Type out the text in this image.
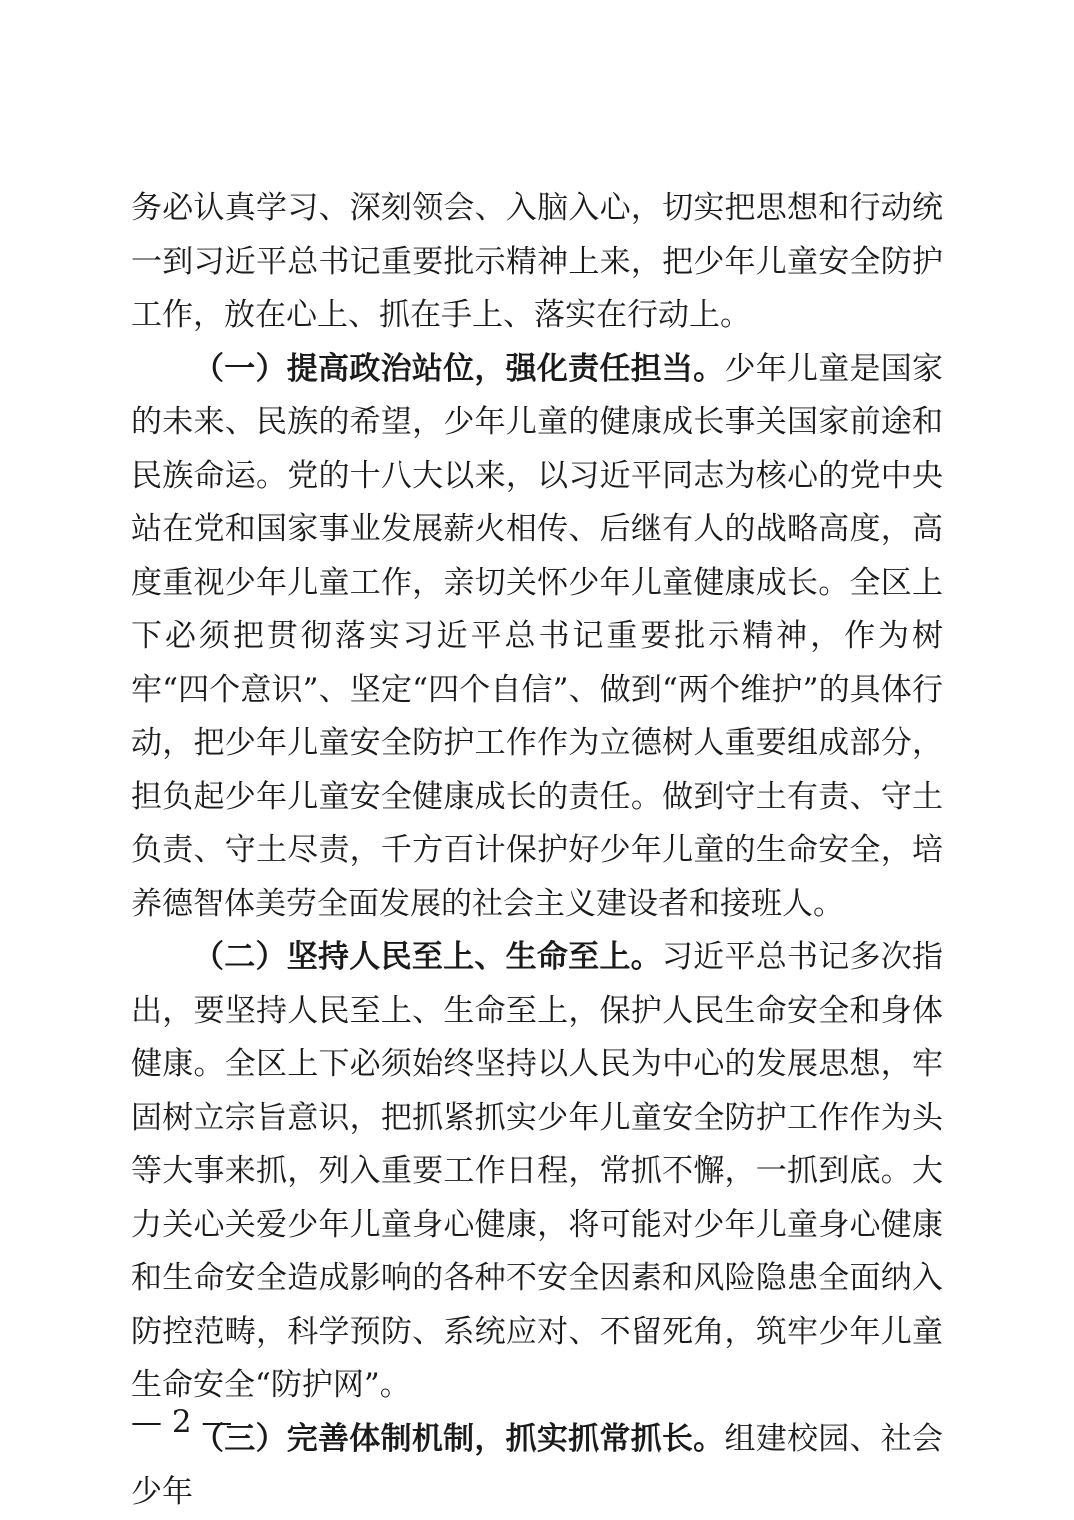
务必认真学习、深刻领会、入脑入心，切实把思想和行动统一到习近平总书记重要批示精神上来，把少年儿童安全防护工作，放在心上、抓在手上、落实在行动上。

（一）提高政治站位，强化责任担当。少年儿童是国家的未来、民族的希望，少年儿童的健康成长事关国家前途和民族命运。党的十八大以来，以习近平同志为核心的党中央站在党和国家事业发展薪火相传、后继有人的战略高度，高度重视少年儿童工作，亲切关怀少年儿童健康成长。全区上下必须把贯彻落实习近平总书记重要批示精神，作为树牢“四个意识”、坚定“四个自信”、做到“两个维护”的具体行动，把少年儿童安全防护工作作为立德树人重要组成部分，担负起少年儿童安全健康成长的责任。做到守土有责、守土负责、守土尽责，千方百计保护好少年儿童的生命安全，培养德智体美劳全面发展的社会主义建设者和接班人。

（二）坚持人民至上、生命至上。习近平总书记多次指出，要坚持人民至上、生命至上，保护人民生命安全和身体健康。全区上下必须始终坚持以人民为中心的发展思想，牢固树立宗旨意识，把抓紧抓实少年儿童安全防护工作作为头等大事来抓，列入重要工作日程，常抓不懈，一抓到底。大力关心关爱少年儿童身心健康，将可能对少年儿童身心健康和生命安全造成影响的各种不安全因素和风险隐患全面纳入防控范畴，科学预防、系统应对、不留死角，筑牢少年儿童生命安全“防护网”。

（三）完善体制机制，抓实抓常抓长。组建校园、社会少年

— 2 —
